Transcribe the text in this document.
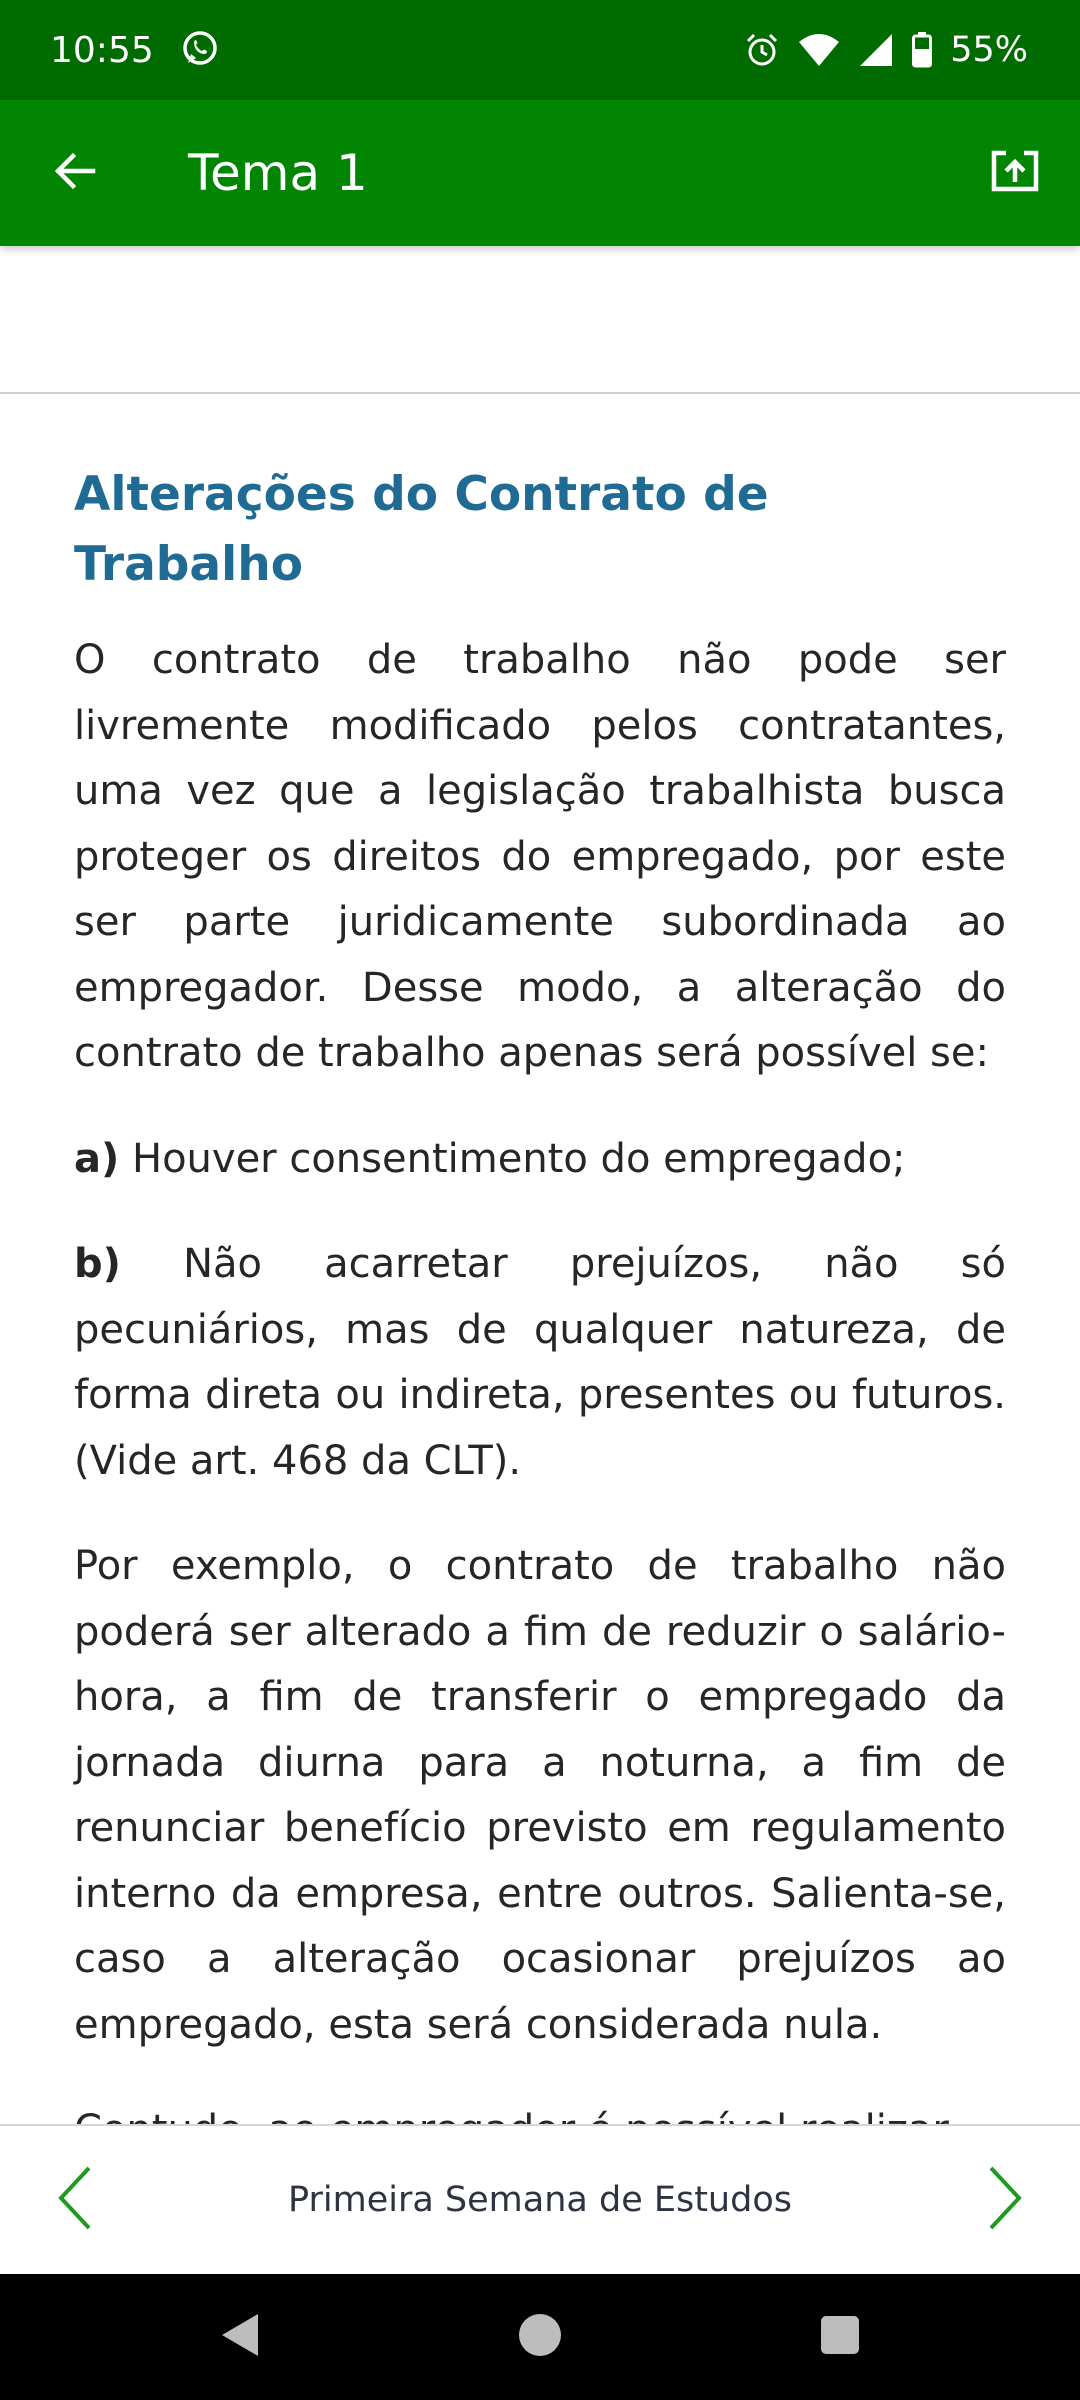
10:55	55%
Tema 1
Alterações do Contrato de Trabalho

O contrato de trabalho não pode ser livremente modificado pelos contratantes, uma vez que a legislação trabalhista busca proteger os direitos do empregado, por este ser parte juridicamente subordinada ao empregador. Desse modo, a alteração do contrato de trabalho apenas será possível se:

a) Houver consentimento do empregado;

b) Não acarretar prejuízos, não só pecuniários, mas de qualquer natureza, de forma direta ou indireta, presentes ou futuros. (Vide art. 468 da CLT).

Por exemplo, o contrato de trabalho não poderá ser alterado a fim de reduzir o salário-hora, a fim de transferir o empregado da jornada diurna para a noturna, a fim de renunciar benefício previsto em regulamento interno da empresa, entre outros. Salienta-se, caso a alteração ocasionar prejuízos ao empregado, esta será considerada nula.

Primeira Semana de Estudos
